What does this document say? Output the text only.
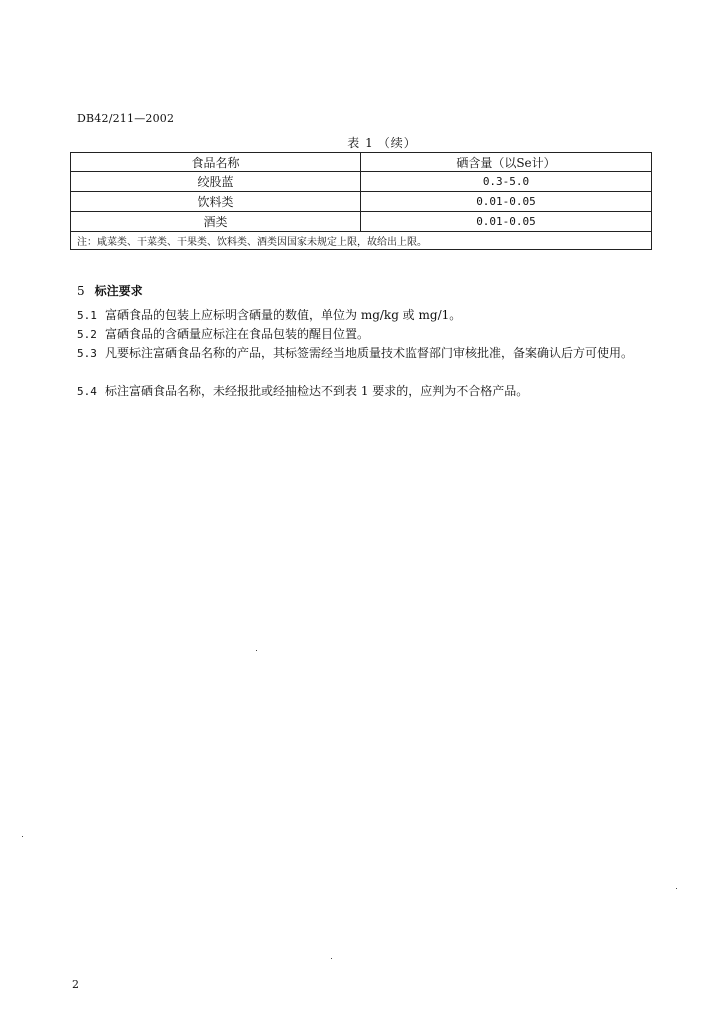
DB42/211—2002
表 1 （续）
食品名称	硒含量（以Se计）
绞股蓝	0.3-5.0
饮料类	0.01-0.05
酒类	0.01-0.05
注：咸菜类、干菜类、干果类、饮料类、酒类因国家未规定上限，故给出上限。	
5 标注要求
5.1 富硒食品的包装上应标明含硒量的数值，单位为 mg/kg 或 mg/1。
5.2 富硒食品的含硒量应标注在食品包装的醒目位置。
5.3 凡要标注富硒食品名称的产品，其标签需经当地质量技术监督部门审核批准，备案确认后方可使用。
5.4 标注富硒食品名称，未经报批或经抽检达不到表 1 要求的，应判为不合格产品。
2
